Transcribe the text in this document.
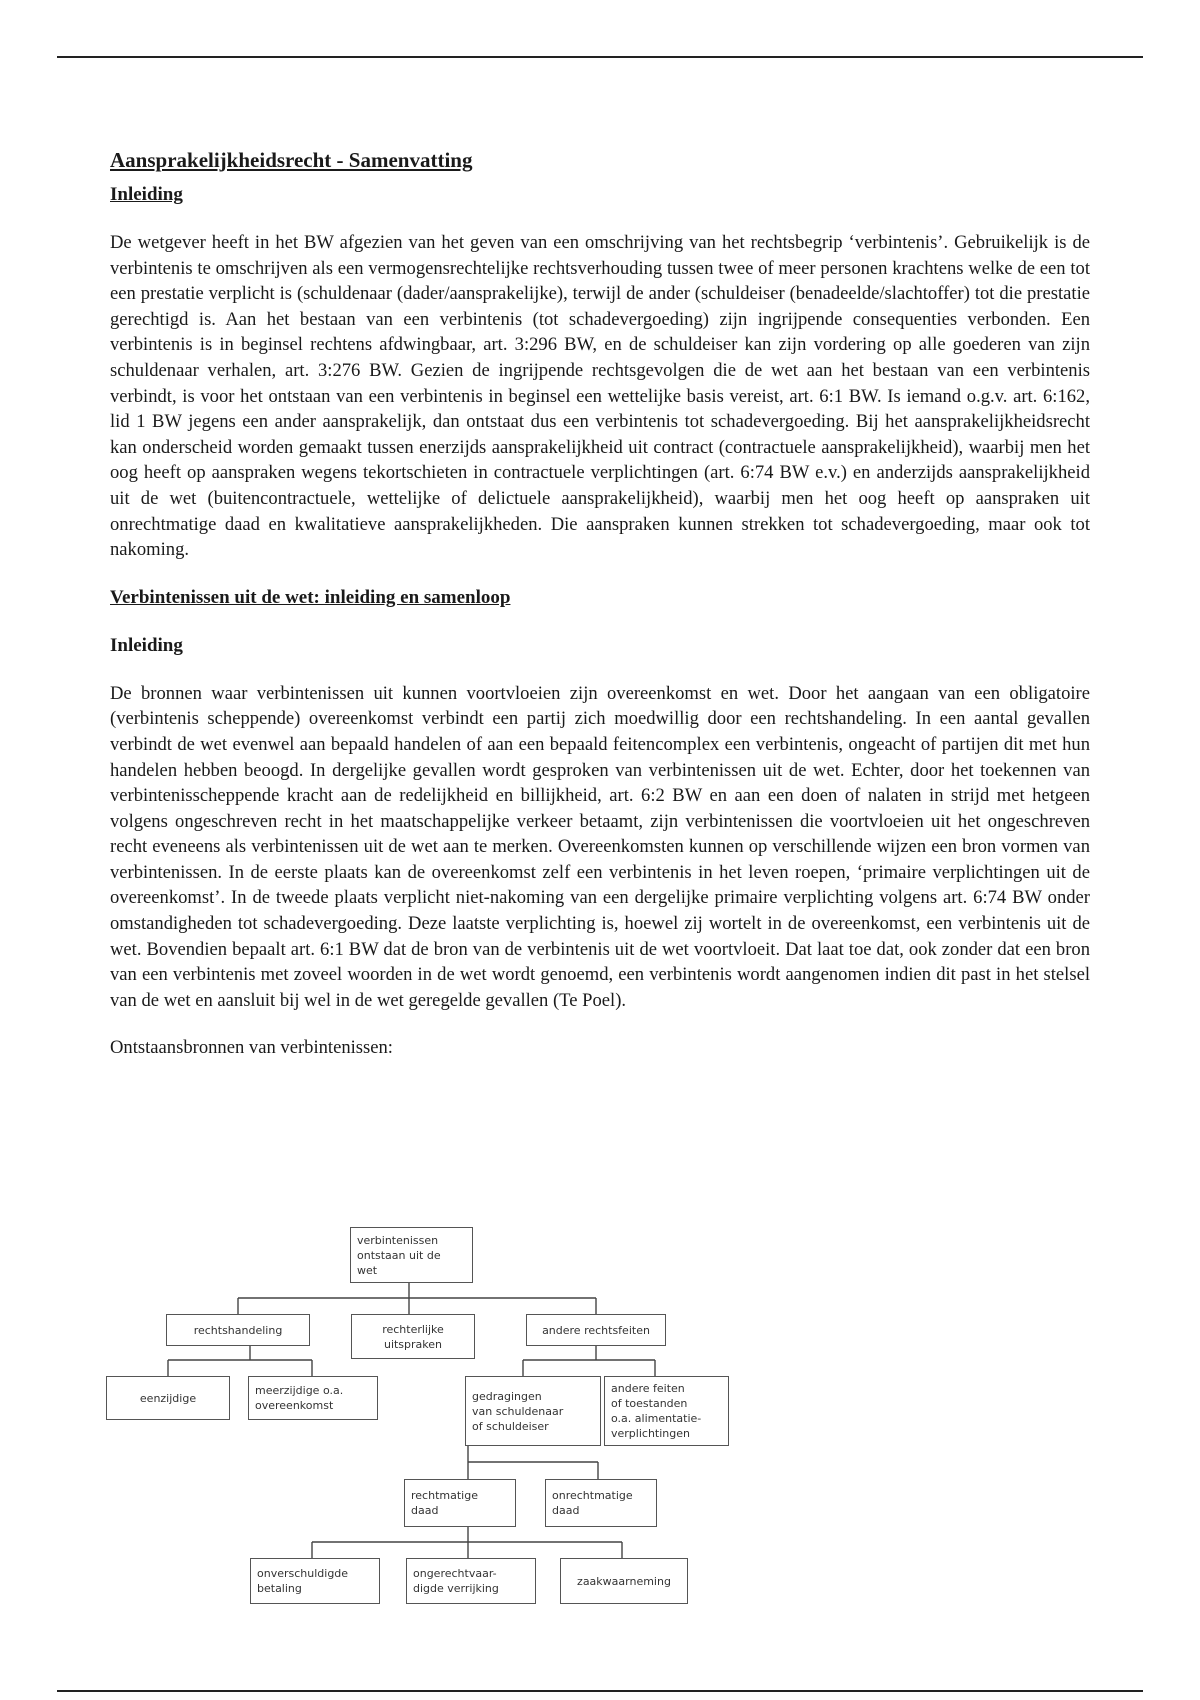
Aansprakelijkheidsrecht - Samenvatting
Inleiding

De wetgever heeft in het BW afgezien van het geven van een omschrijving van het rechtsbegrip ‘verbintenis’. Gebruikelijk is de verbintenis te omschrijven als een vermogensrechtelijke rechtsverhouding tussen twee of meer personen krachtens welke de een tot een prestatie verplicht is (schuldenaar (dader/aansprakelijke), terwijl de ander (schuldeiser (benadeelde/slachtoffer) tot die prestatie gerechtigd is. Aan het bestaan van een verbintenis (tot schadevergoeding) zijn ingrijpende consequenties verbonden. Een verbintenis is in beginsel rechtens afdwingbaar, art. 3:296 BW, en de schuldeiser kan zijn vordering op alle goederen van zijn schuldenaar verhalen, art. 3:276 BW. Gezien de ingrijpende rechtsgevolgen die de wet aan het bestaan van een verbintenis verbindt, is voor het ontstaan van een verbintenis in beginsel een wettelijke basis vereist, art. 6:1 BW. Is iemand o.g.v. art. 6:162, lid 1 BW jegens een ander aansprakelijk, dan ontstaat dus een verbintenis tot schadevergoeding. Bij het aansprakelijkheidsrecht kan onderscheid worden gemaakt tussen enerzijds aansprakelijkheid uit contract (contractuele aansprakelijkheid), waarbij men het oog heeft op aanspraken wegens tekortschieten in contractuele verplichtingen (art. 6:74 BW e.v.) en anderzijds aansprakelijkheid uit de wet (buitencontractuele, wettelijke of delictuele aansprakelijkheid), waarbij men het oog heeft op aanspraken uit onrechtmatige daad en kwalitatieve aansprakelijkheden. Die aanspraken kunnen strekken tot schadevergoeding, maar ook tot nakoming.

Verbintenissen uit de wet: inleiding en samenloop
Inleiding

De bronnen waar verbintenissen uit kunnen voortvloeien zijn overeenkomst en wet. Door het aangaan van een obligatoire (verbintenis scheppende) overeenkomst verbindt een partij zich moedwillig door een rechtshandeling. In een aantal gevallen verbindt de wet evenwel aan bepaald handelen of aan een bepaald feitencomplex een verbintenis, ongeacht of partijen dit met hun handelen hebben beoogd. In dergelijke gevallen wordt gesproken van verbintenissen uit de wet. Echter, door het toekennen van verbintenisscheppende kracht aan de redelijkheid en billijkheid, art. 6:2 BW en aan een doen of nalaten in strijd met hetgeen volgens ongeschreven recht in het maatschappelijke verkeer betaamt, zijn verbintenissen die voortvloeien uit het ongeschreven recht eveneens als verbintenissen uit de wet aan te merken. Overeenkomsten kunnen op verschillende wijzen een bron vormen van verbintenissen. In de eerste plaats kan de overeenkomst zelf een verbintenis in het leven roepen, ‘primaire verplichtingen uit de overeenkomst’. In de tweede plaats verplicht niet-nakoming van een dergelijke primaire verplichting volgens art. 6:74 BW onder omstandigheden tot schadevergoeding. Deze laatste verplichting is, hoewel zij wortelt in de overeenkomst, een verbintenis uit de wet. Bovendien bepaalt art. 6:1 BW dat de bron van de verbintenis uit de wet voortvloeit. Dat laat toe dat, ook zonder dat een bron van een verbintenis met zoveel woorden in de wet wordt genoemd, een verbintenis wordt aangenomen indien dit past in het stelsel van de wet en aansluit bij wel in de wet geregelde gevallen (Te Poel).

Ontstaansbronnen van verbintenissen:

verbintenissen
ontstaan uit de
wet
rechtshandeling	rechterlijke
uitspraken
andere rechtsfeiten
eenzijdige
meerzijdige o.a.
overeenkomst
gedragingen
van schuldenaar
of schuldeiser
andere feiten
of toestanden
o.a. alimentatie-
verplichtingen
rechtmatige
daad
onrechtmatige
daad
onverschuldigde
betaling
ongerechtvaar-
digde verrijking
zaakwaarneming
